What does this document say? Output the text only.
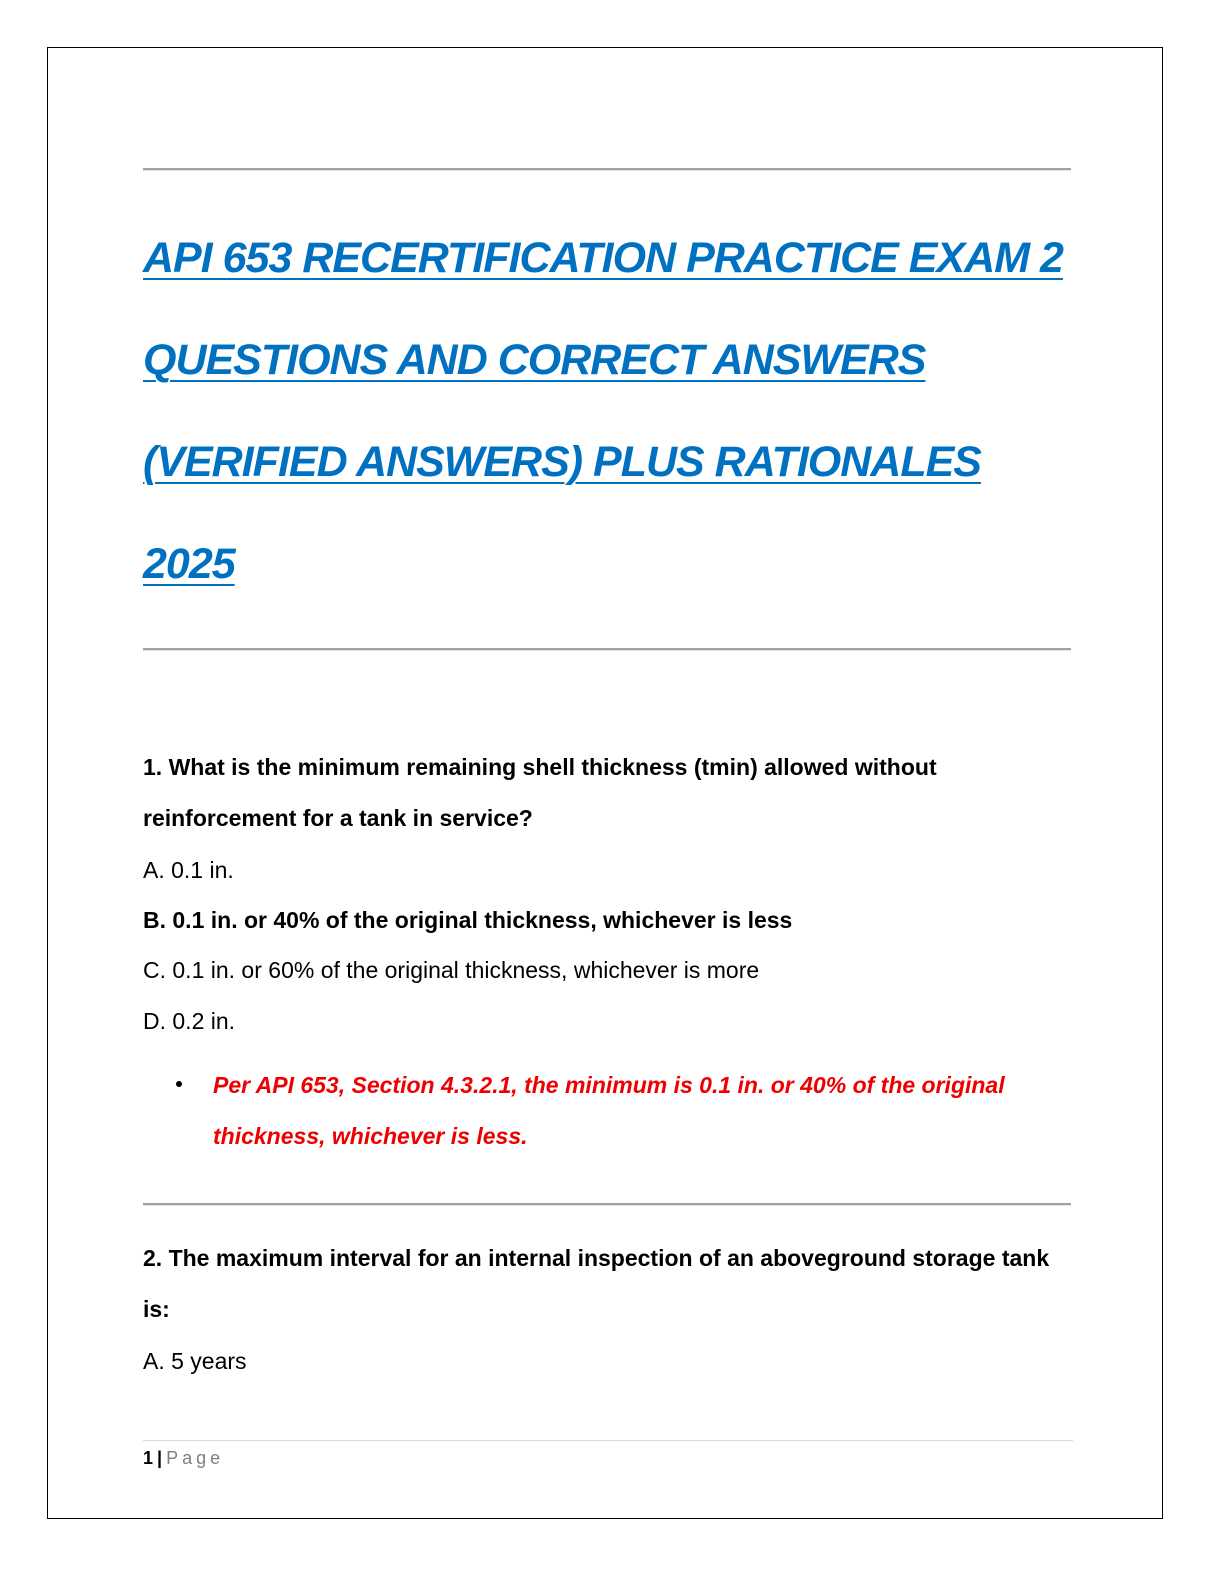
API 653 RECERTIFICATION PRACTICE EXAM 2 QUESTIONS AND CORRECT ANSWERS (VERIFIED ANSWERS) PLUS RATIONALES 2025

1. What is the minimum remaining shell thickness (tmin) allowed without reinforcement for a tank in service?

A. 0.1 in.

B. 0.1 in. or 40% of the original thickness, whichever is less

C. 0.1 in. or 60% of the original thickness, whichever is more

D. 0.2 in.

Per API 653, Section 4.3.2.1, the minimum is 0.1 in. or 40% of the original thickness, whichever is less.

2. The maximum interval for an internal inspection of an aboveground storage tank is:

A. 5 years

1 | Page
